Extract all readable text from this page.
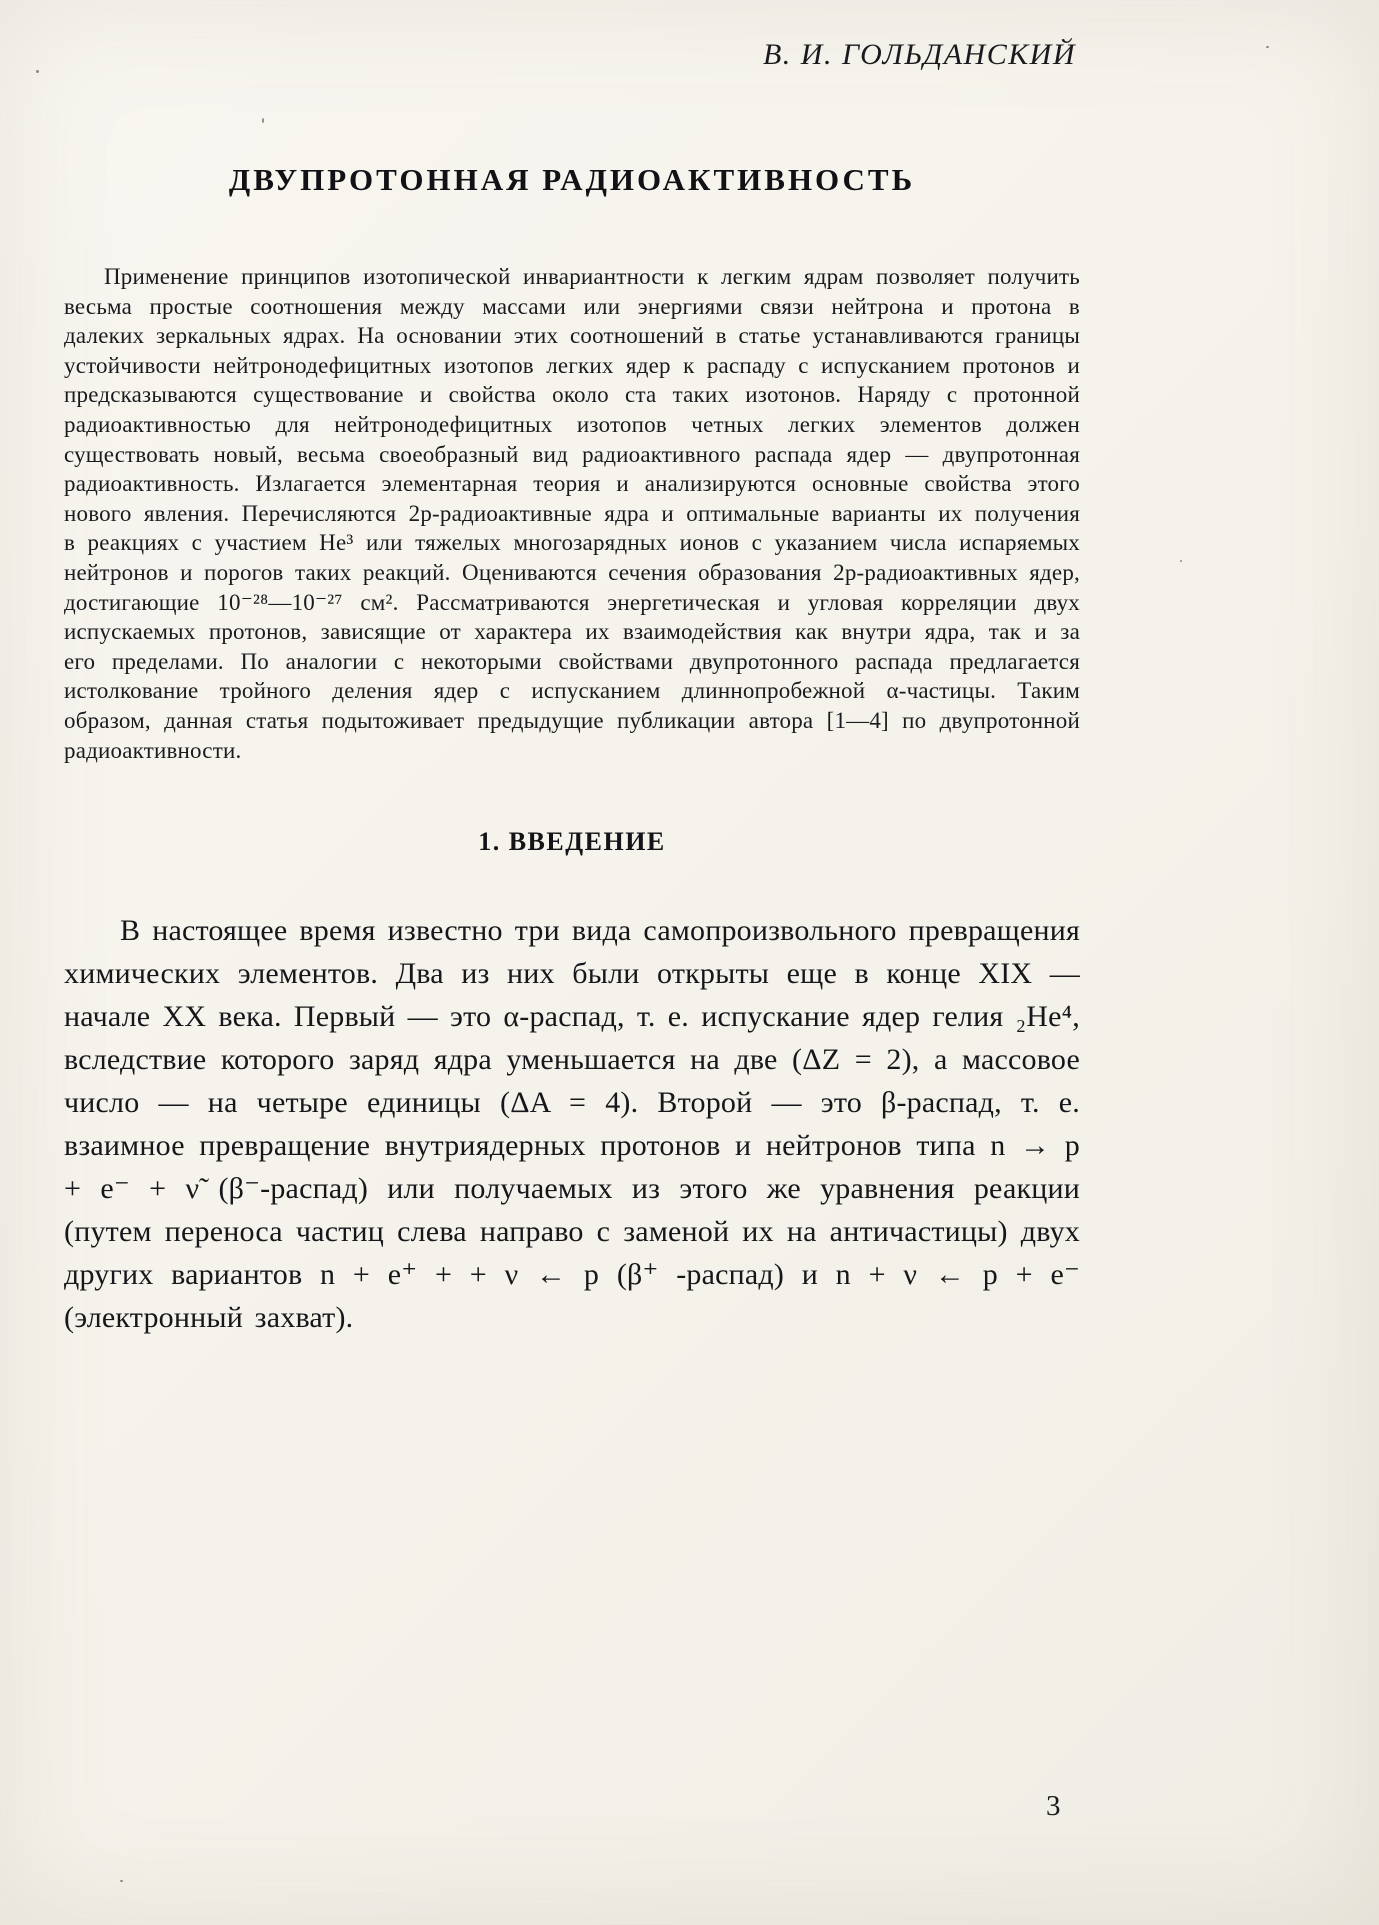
В. И. ГОЛЬДАНСКИЙ
ДВУПРОТОННАЯ РАДИОАКТИВНОСТЬ

Применение принципов изотопической инвариантности к легким ядрам позволяет получить весьма простые соотношения между массами или энергиями связи нейтрона и протона в далеких зеркальных ядрах. На основании этих соотношений в статье устанавливаются границы устойчивости нейтронодефицитных изотопов легких ядер к распаду с испусканием протонов и предсказываются существование и свойства около ста таких изотонов. Наряду с протонной радиоактивностью для нейтронодефицитных изотопов четных легких элементов должен существовать новый, весьма своеобразный вид радиоактивного распада ядер — двупротонная радиоактивность. Излагается элементарная теория и анализируются основные свойства этого нового явления. Перечисляются 2p-радиоактивные ядра и оптимальные варианты их получения в реакциях с участием He³ или тяжелых многозарядных ионов с указанием числа испаряемых нейтронов и порогов таких реакций. Оцениваются сечения образования 2p-радиоактивных ядер, достигающие 10⁻²⁸—10⁻²⁷ см². Рассматриваются энергетическая и угловая корреляции двух испускаемых протонов, зависящие от характера их взаимодействия как внутри ядра, так и за его пределами. По аналогии с некоторыми свойствами двупротонного распада предлагается истолкование тройного деления ядер с испусканием длиннопробежной α-частицы. Таким образом, данная статья подытоживает предыдущие публикации автора [1—4] по двупротонной радиоактивности.

1. ВВЕДЕНИЕ

В настоящее время известно три вида самопроизвольного превращения химических элементов. Два из них были открыты еще в конце XIX — начале XX века. Первый — это α-распад, т. е. испускание ядер гелия ₂He⁴, вследствие которого заряд ядра уменьшается на две (ΔZ = 2), а массовое число — на четыре единицы (ΔA = 4). Второй — это β-распад, т. е. взаимное превращение внутриядерных протонов и нейтронов типа n → p + e⁻ + ν̃ (β⁻-распад) или получаемых из этого же уравнения реакции (путем переноса частиц слева направо с заменой их на античастицы) двух других вариантов n + e⁺ + + ν ← p (β⁺ -распад) и n + ν ← p + e⁻ (электронный захват).

3
